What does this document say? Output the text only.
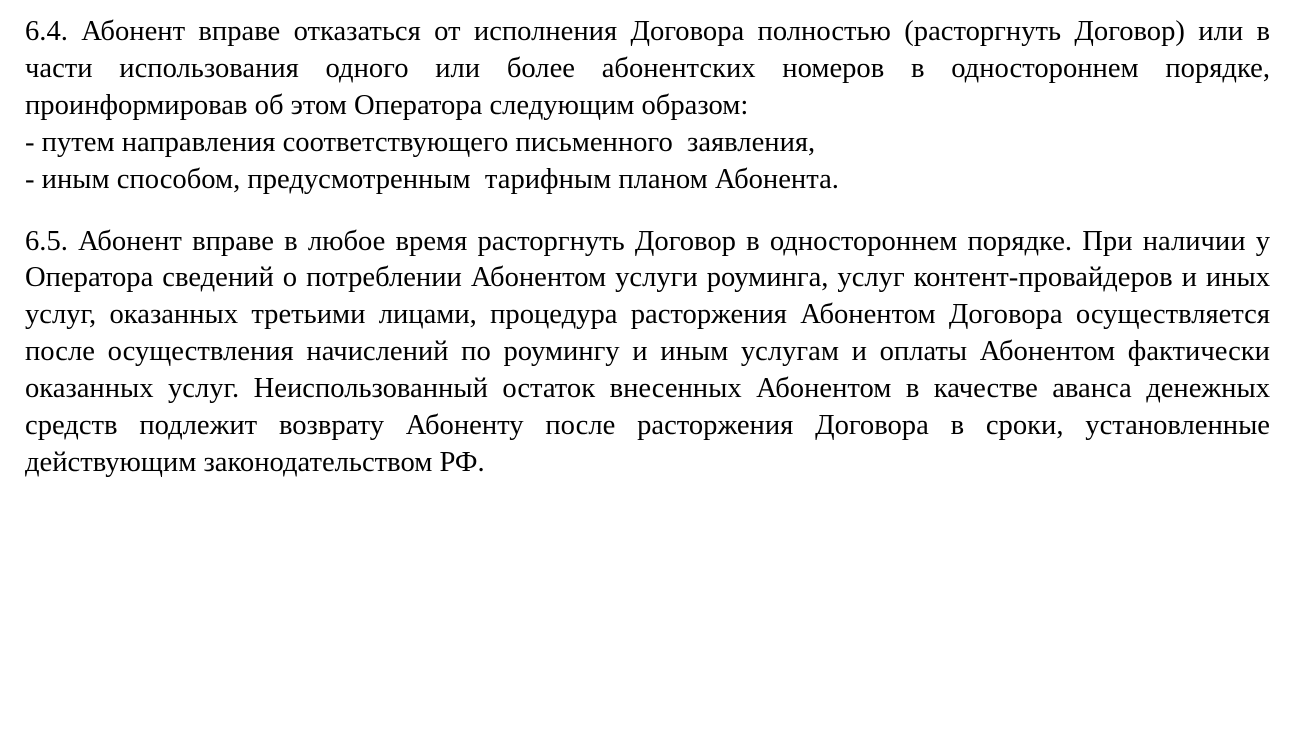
6.4. Абонент вправе отказаться от исполнения Договора полностью (расторгнуть Договор) или в части использования одного или более абонентских номеров в одностороннем порядке, проинформировав об этом Оператора следующим образом:

- путем направления соответствующего письменного  заявления,

- иным способом, предусмотренным  тарифным планом Абонента.

6.5. Абонент вправе в любое время расторгнуть Договор в одностороннем порядке. При наличии у Оператора сведений о потреблении Абонентом услуги роуминга, услуг контент-провайдеров и иных услуг, оказанных третьими лицами, процедура расторжения Абонентом Договора осуществляется после осуществления начислений по роумингу и иным услугам и оплаты Абонентом фактически оказанных услуг. Неиспользованный остаток внесенных Абонентом в качестве аванса денежных средств подлежит возврату Абоненту после расторжения Договора в сроки, установленные действующим законодательством РФ.
